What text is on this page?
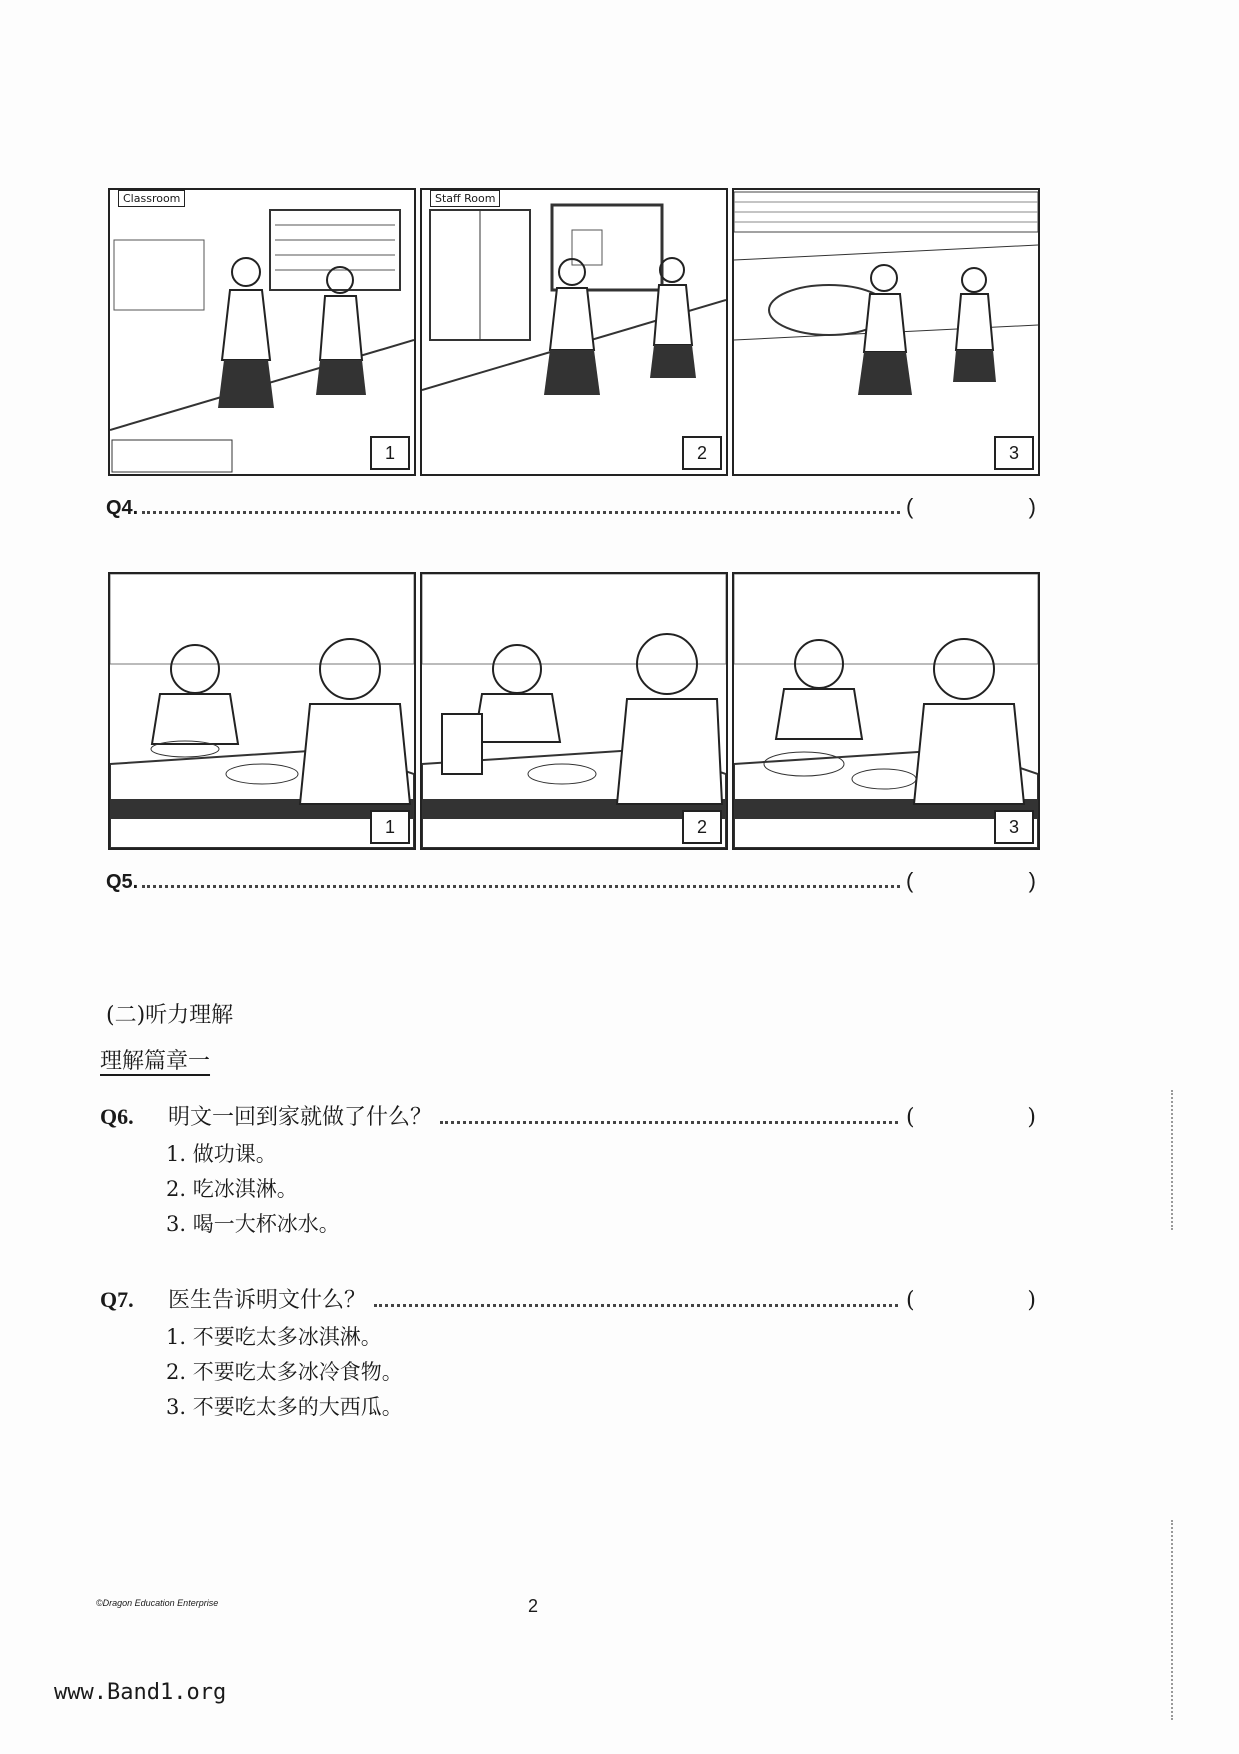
1
Classroom
2
Staff Room
3
Q4.	(	)
1	2	3
Q5.	(	)
(二)听力理解
理解篇章一
Q6.	明文一回到家就做了什么？	(	)
1. 做功课。
2. 吃冰淇淋。
3. 喝一大杯冰水。
Q7.	医生告诉明文什么？	(	)
1. 不要吃太多冰淇淋。
2. 不要吃太多冰冷食物。
3. 不要吃太多的大西瓜。
©Dragon Education Enterprise	2
www.Band1.org
